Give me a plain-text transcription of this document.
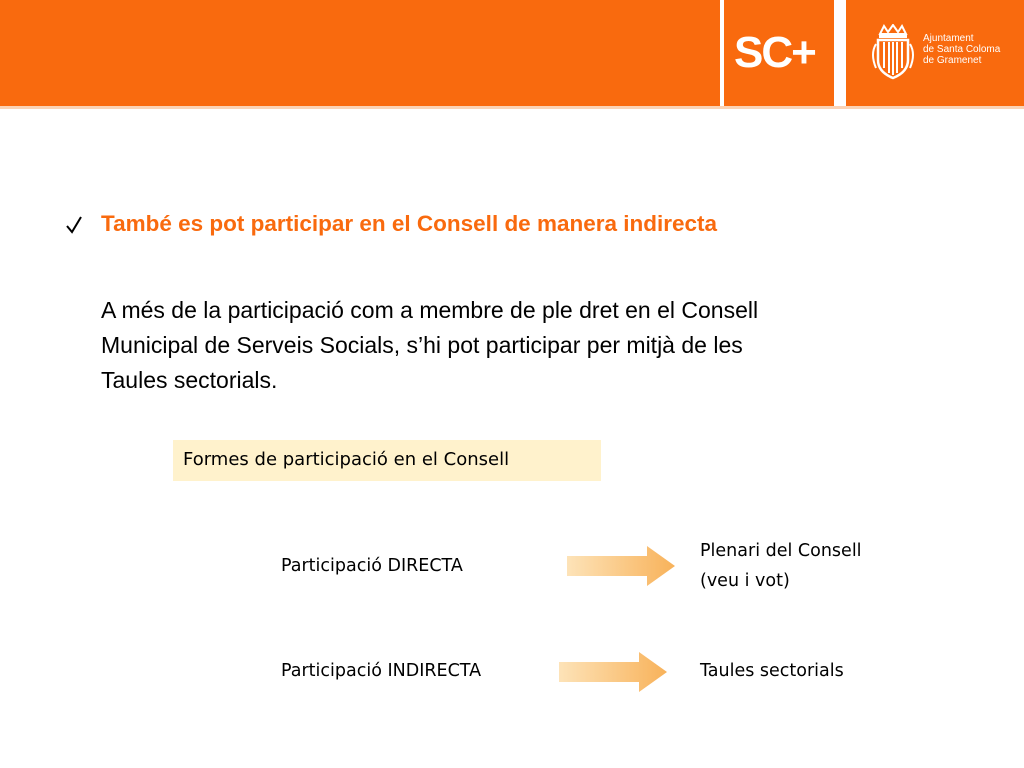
SC+	Ajuntament
de Santa Coloma
de Gramenet
També es pot participar en el Consell de manera indirecta

A més de la participació com a membre de ple dret en el Consell
Municipal de Serveis Socials, s’hi pot participar per mitjà de les
Taules sectorials.

Formes de participació en el Consell
Participació DIRECTA
Plenari del Consell
(veu i vot)
Participació INDIRECTA	Taules sectorials
